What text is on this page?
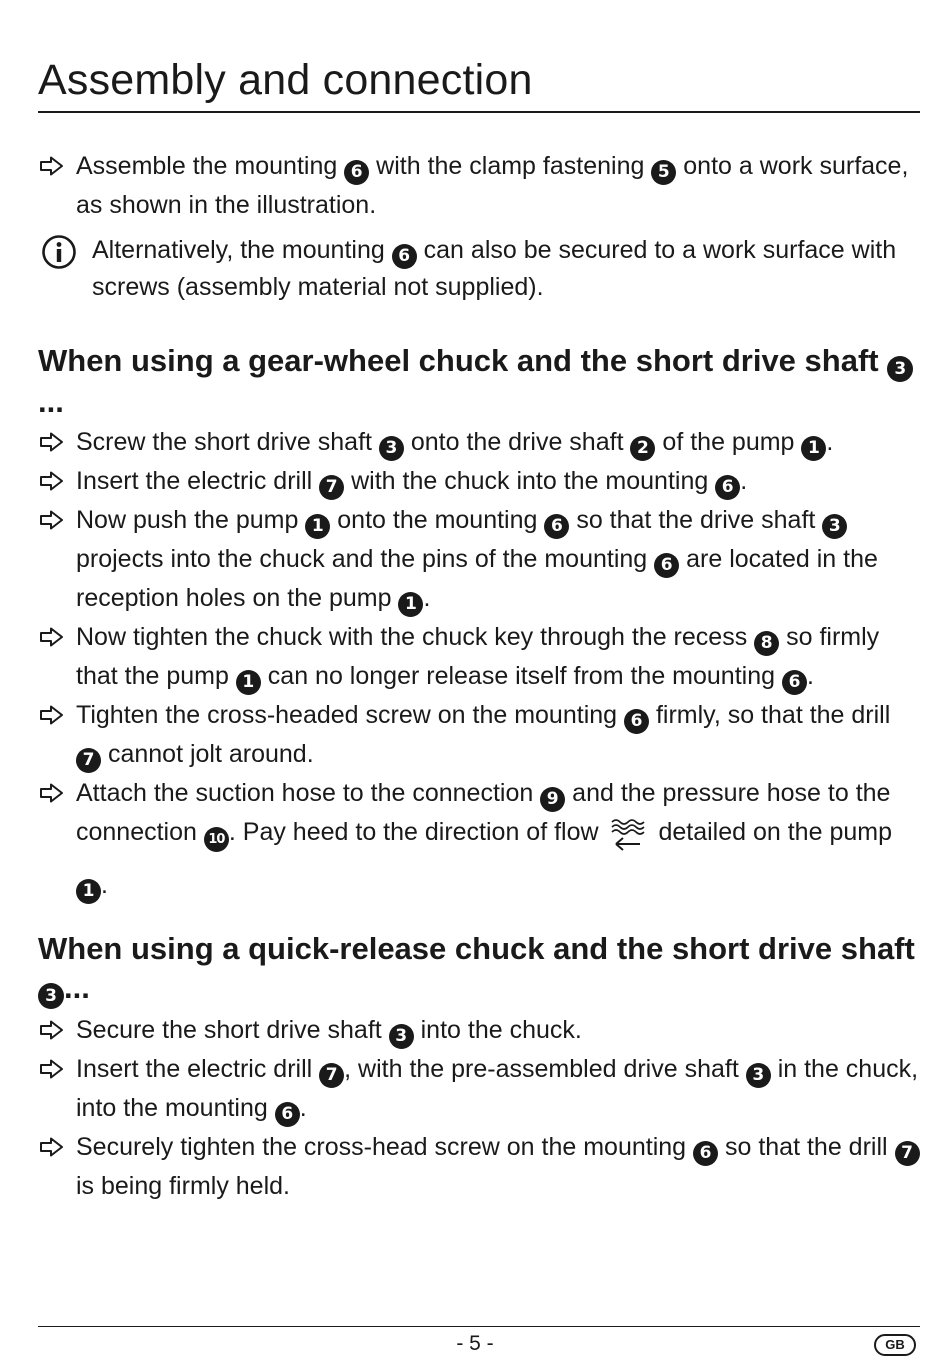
Assembly and connection

Assemble the mounting 6 with the clamp fastening 5 onto a work surface, as shown in the illustration.

Alternatively, the mounting 6 can also be secured to a work surface with screws (assembly material not supplied).

When using a gear-wheel chuck and the short drive shaft 3...

Screw the short drive shaft 3 onto the drive shaft 2 of the pump 1 .

Insert the electric drill 7 with the chuck into the mounting 6 .

Now push the pump 1 onto the mounting 6 so that the drive shaft 3 projects into the chuck and the pins of the mounting 6 are located in the reception holes on the pump 1 .

Now tighten the chuck with the chuck key through the recess 8 so firmly that the pump 1 can no longer release itself from the mounting 6 .

Tighten the cross-headed screw on the mounting 6 firmly, so that the drill 7 cannot jolt around.

Attach the suction hose to the connection 9 and the pressure hose to the connection 10 . Pay heed to the direction of flow detailed on the pump 1 .

When using a quick-release chuck and the short drive shaft 3 ...

Secure the short drive shaft 3 into the chuck.

Insert the electric drill 7 , with the pre-assembled drive shaft 3 in the chuck, into the mounting 6 .

Securely tighten the cross-head screw on the mounting 6 so that the drill 7 is being firmly held.

- 5 -	GB
